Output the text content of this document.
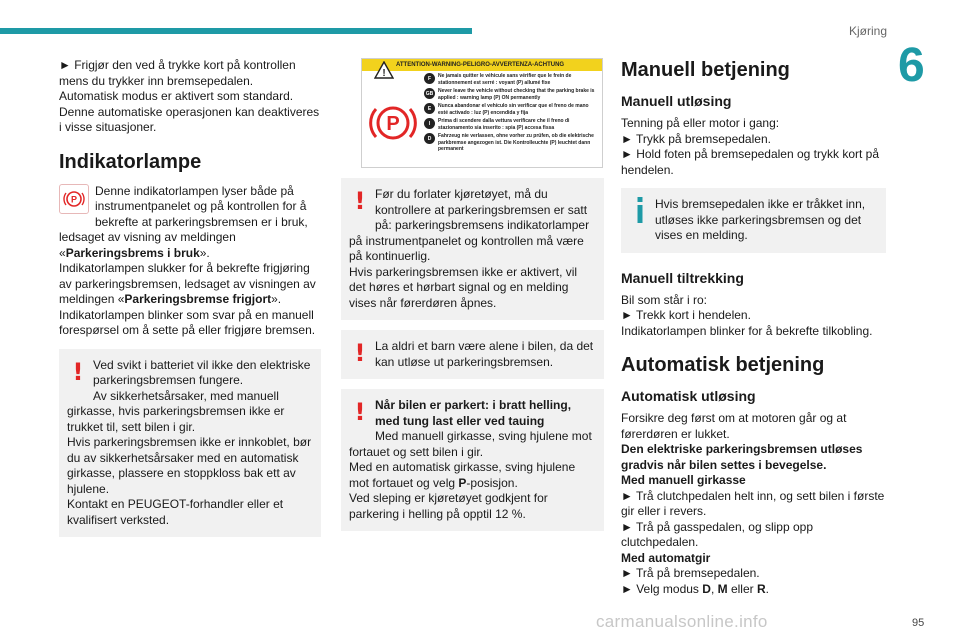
Kjøring
6

► Frigjør den ved å trykke kort på kontrollen mens du trykker inn bremsepedalen.

Automatisk modus er aktivert som standard.

Denne automatiske operasjonen kan deaktiveres i visse situasjoner.

Indikatorlampe
P

Denne indikatorlampen lyser både på instrumentpanelet og på kontrollen for å bekrefte at parkeringsbremsen er i bruk, ledsaget av visning av meldingen «Parkeringsbrems i bruk».

Indikatorlampen slukker for å bekrefte frigjøring av parkeringsbremsen, ledsaget av visningen av meldingen «Parkeringsbremse frigjort».

Indikatorlampen blinker som svar på en manuell forespørsel om å sette på eller frigjøre bremsen.

! Ved svikt i batteriet vil ikke den elektriske parkeringsbremsen fungere.

Av sikkerhetsårsaker, med manuell girkasse, hvis parkeringsbremsen ikke er trukket til, sett bilen i gir.

Hvis parkeringsbremsen ikke er innkoblet, bør du av sikkerhetsårsaker med en automatisk girkasse, plassere en stoppkloss bak ett av hjulene.

Kontakt en PEUGEOT-forhandler eller et kvalifisert verksted.

ATTENTION-WARNING-PELIGRO-AVVERTENZA-ACHTUNG
!
P
F	Ne jamais quitter le véhicule sans vérifier que le frein de stationnement est serré : voyant (P) allumé fixe
GB Never leave the vehicle without checking that the parking brake is applied : warning lamp (P) ON permanently
E	Nunca abandonar el vehículo sin verificar que el freno de mano esté activado : luz (P) encendida y fija
I	Prima di scendere dalla vettura verificare che il freno di stazionamento sia inserito : spia (P) accesa fissa
D	Fahrzeug nie verlassen, ohne vorher zu prüfen, ob die elektrische parkbremse angezogen ist. Die Kontrolleuchte (P) leuchtet dann permanent
! Før du forlater kjøretøyet, må du kontrollere at parkeringsbremsen er satt på: parkeringsbremsens indikatorlamper på instrumentpanelet og kontrollen må være på kontinuerlig.

Hvis parkeringsbremsen ikke er aktivert, vil det høres et hørbart signal og en melding vises når førerdøren åpnes.

! La aldri et barn være alene i bilen, da det kan utløse ut parkeringsbremsen.

! Når bilen er parkert: i bratt helling, med tung last eller ved tauing

Med manuell girkasse, sving hjulene mot fortauet og sett bilen i gir.

Med en automatisk girkasse, sving hjulene mot fortauet og velg P-posisjon.

Ved sleping er kjøretøyet godkjent for parkering i helling på opptil 12 %.

Manuell betjening
Manuell utløsing

Tenning på eller motor i gang:

► Trykk på bremsepedalen.

► Hold foten på bremsepedalen og trykk kort på hendelen.

Hvis bremsepedalen ikke er tråkket inn, utløses ikke parkeringsbremsen og det vises en melding.

Manuell tiltrekking

Bil som står i ro:

► Trekk kort i hendelen.

Indikatorlampen blinker for å bekrefte tilkobling.

Automatisk betjening
Automatisk utløsing

Forsikre deg først om at motoren går og at førerdøren er lukket.

Den elektriske parkeringsbremsen utløses gradvis når bilen settes i bevegelse.

Med manuell girkasse

► Trå clutchpedalen helt inn, og sett bilen i første gir eller i revers.

► Trå på gasspedalen, og slipp opp clutchpedalen.

Med automatgir

► Trå på bremsepedalen.

► Velg modus D, M eller R.

carmanualsonline.info	95
